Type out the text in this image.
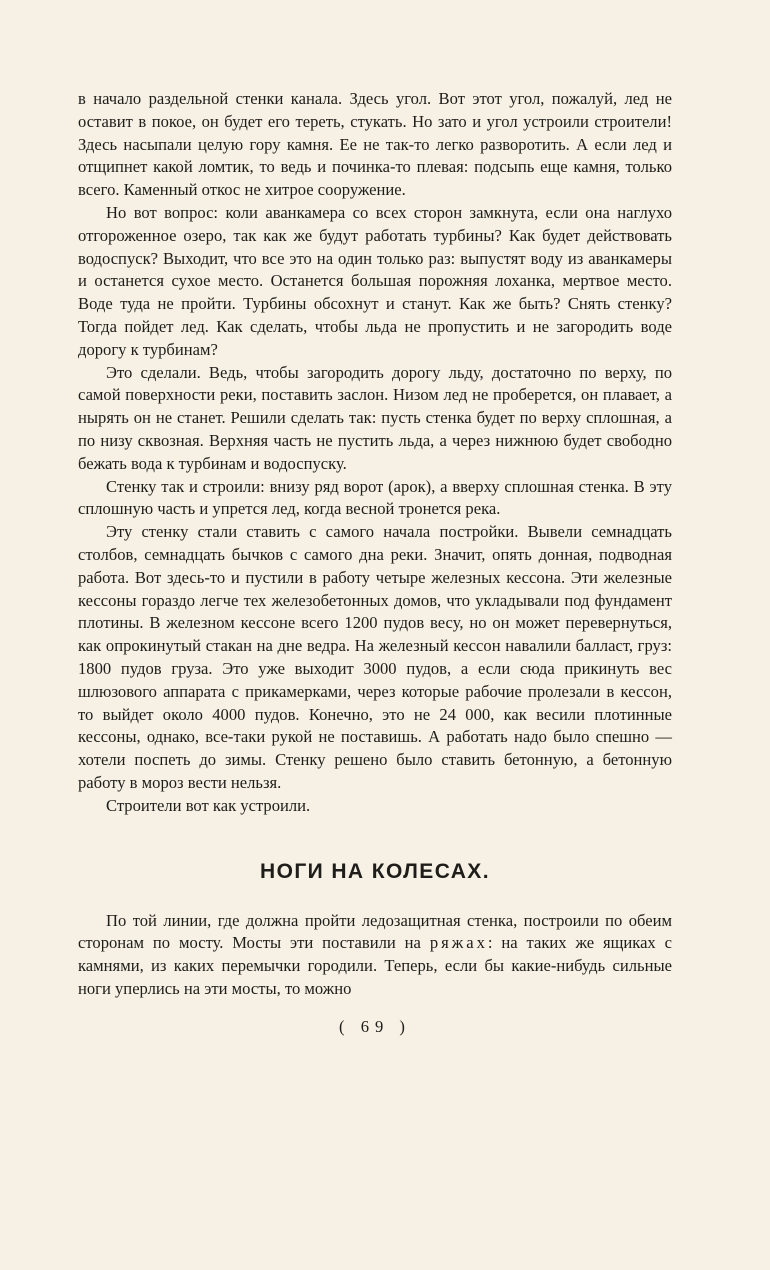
в начало раздельной стенки канала. Здесь угол. Вот этот угол, пожалуй, лед не оставит в покое, он будет его тереть, стукать. Но зато и угол устроили строители! Здесь насыпали целую гору камня. Ее не так-то легко разворотить. А если лед и отщипнет какой ломтик, то ведь и починка-то плевая: подсыпь еще камня, только всего. Каменный откос не хитрое сооружение.

Но вот вопрос: коли аванкамера со всех сторон замкнута, если она наглухо отгороженное озеро, так как же будут работать турбины? Как будет действовать водоспуск? Выходит, что все это на один только раз: выпустят воду из аванкамеры и останется сухое место. Останется большая порожняя лоханка, мертвое место. Воде туда не пройти. Турбины обсохнут и станут. Как же быть? Снять стенку? Тогда пойдет лед. Как сделать, чтобы льда не пропустить и не загородить воде дорогу к турбинам?

Это сделали. Ведь, чтобы загородить дорогу льду, достаточно по верху, по самой поверхности реки, поставить заслон. Низом лед не проберется, он плавает, а нырять он не станет. Решили сделать так: пусть стенка будет по верху сплошная, а по низу сквозная. Верхняя часть не пустить льда, а через нижнюю будет свободно бежать вода к турбинам и водоспуску.

Стенку так и строили: внизу ряд ворот (арок), а вверху сплошная стенка. В эту сплошную часть и упрется лед, когда весной тронется река.

Эту стенку стали ставить с самого начала постройки. Вывели семнадцать столбов, семнадцать бычков с самого дна реки. Значит, опять донная, подводная работа. Вот здесь-то и пустили в работу четыре железных кессона. Эти железные кессоны гораздо легче тех железобетонных домов, что укладывали под фундамент плотины. В железном кессоне всего 1200 пудов весу, но он может перевернуться, как опрокинутый стакан на дне ведра. На железный кессон навалили балласт, груз: 1800 пудов груза. Это уже выходит 3000 пудов, а если сюда прикинуть вес шлюзового аппарата с прикамерками, через которые рабочие пролезали в кессон, то выйдет около 4000 пудов. Конечно, это не 24 000, как весили плотинные кессоны, однако, все-таки рукой не поставишь. А работать надо было спешно — хотели поспеть до зимы. Стенку решено было ставить бетонную, а бетонную работу в мороз вести нельзя.

Строители вот как устроили.

НОГИ НА КОЛЕСАХ.

По той линии, где должна пройти ледозащитная стенка, построили по обеим сторонам по мосту. Мосты эти поставили на ряжах: на таких же ящиках с камнями, из каких перемычки городили. Теперь, если бы какие-нибудь сильные ноги уперлись на эти мосты, то можно

( 69 )
